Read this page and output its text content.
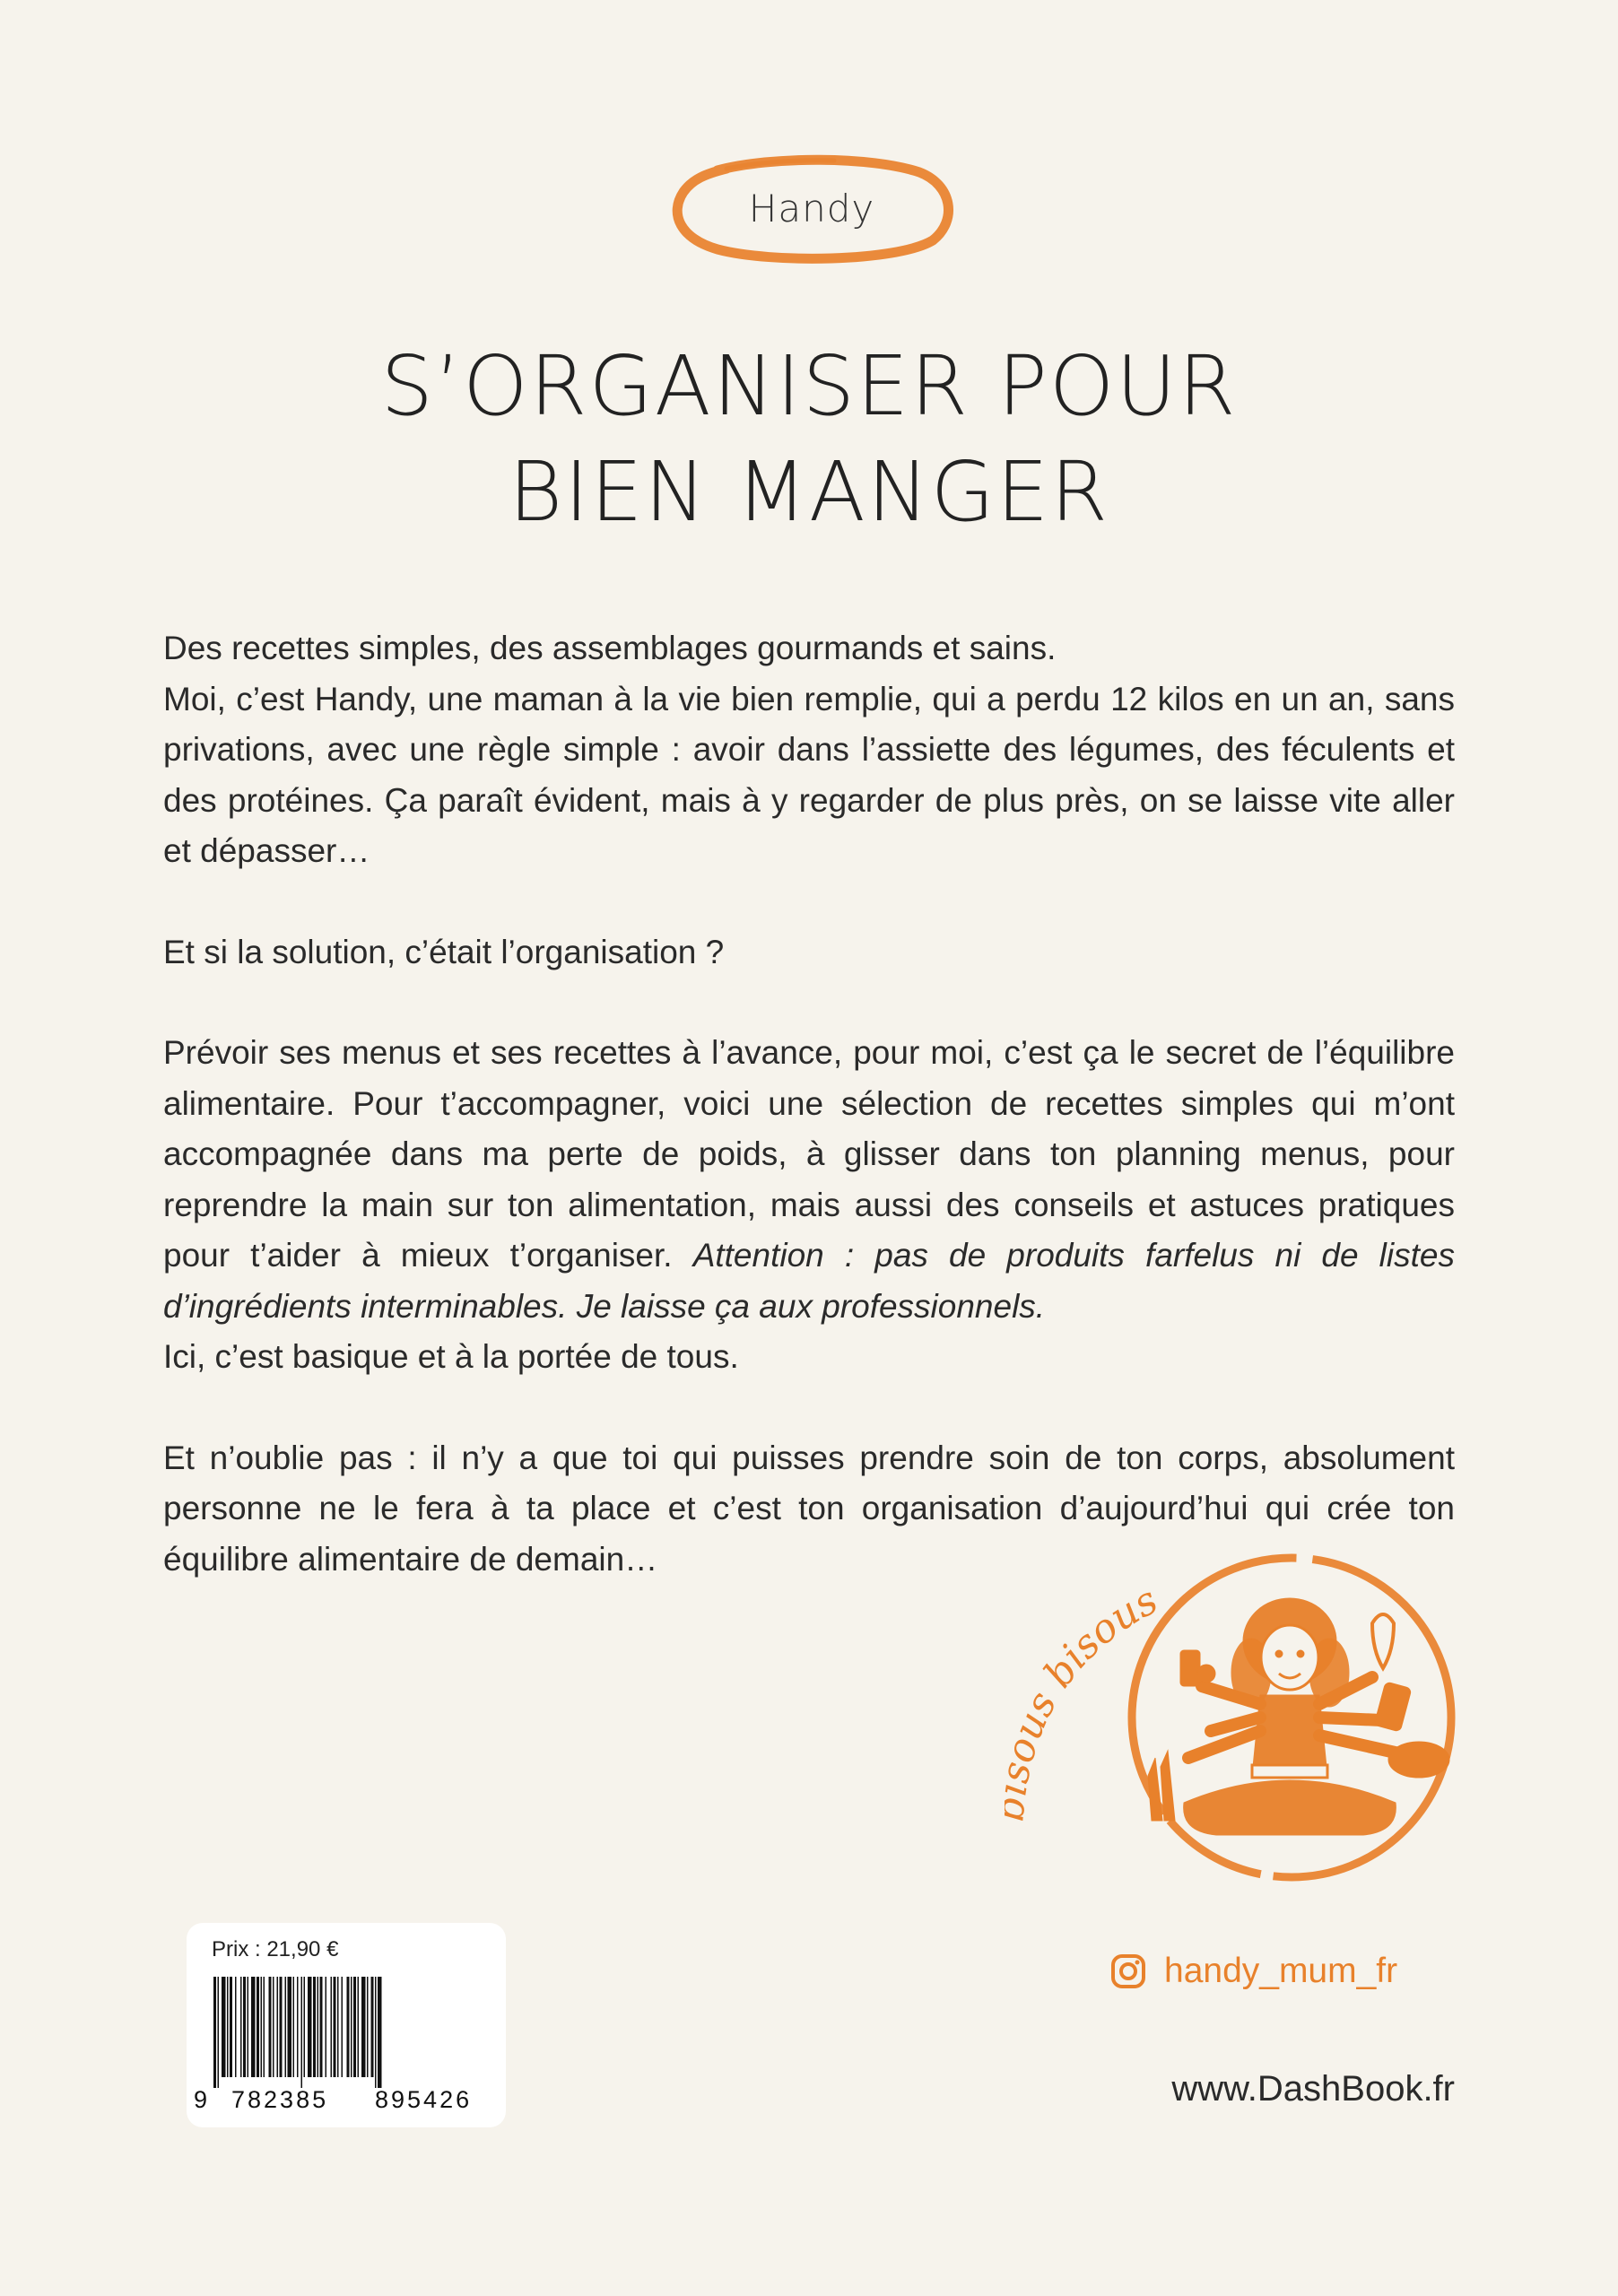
Handy
S’ORGANISER POUR
BIEN MANGER

Des recettes simples, des assemblages gourmands et sains.
Moi, c’est Handy, une maman à la vie bien remplie, qui a perdu 12 kilos en un an, sans privations, avec une règle simple : avoir dans l’assiette des légumes, des féculents et des protéines. Ça paraît évident, mais à y regarder de plus près, on se laisse vite aller et dépasser…

Et si la solution, c’était l’organisation ?

Prévoir ses menus et ses recettes à l’avance, pour moi, c’est ça le secret de l’équilibre alimentaire. Pour t’accompagner, voici une sélection de recettes simples qui m’ont accompagnée dans ma perte de poids, à glisser dans ton planning menus, pour reprendre la main sur ton alimentation, mais aussi des conseils et astuces pratiques pour t’aider à mieux t’organiser. Attention : pas de produits farfelus ni de listes d’ingrédients interminables. Je laisse ça aux professionnels.
Ici, c’est basique et à la portée de tous.

Et n’oublie pas : il n’y a que toi qui puisses prendre soin de ton corps, absolument personne ne le fera à ta place et c’est ton organisation d’aujourd’hui qui crée ton équilibre alimentaire de demain…

us bisous
handy_mum_fr
www.DashBook.fr
Prix : 21,90 €
9 782385	895426
